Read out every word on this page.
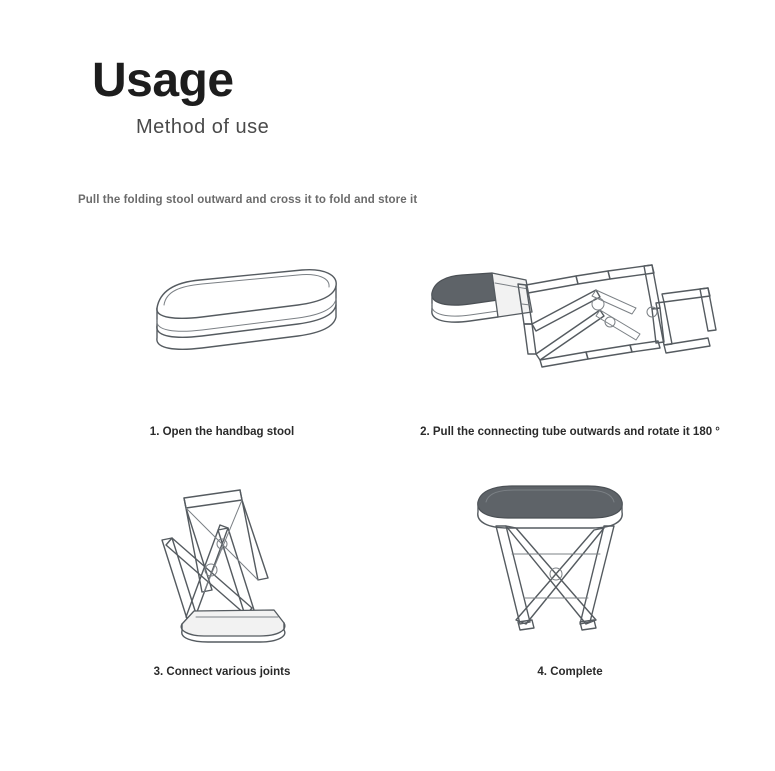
Usage
Method of use
Pull the folding stool outward and cross it to fold and store it
1. Open the handbag stool	2. Pull the connecting tube outwards and rotate it 180 °
3. Connect various joints	4. Complete
